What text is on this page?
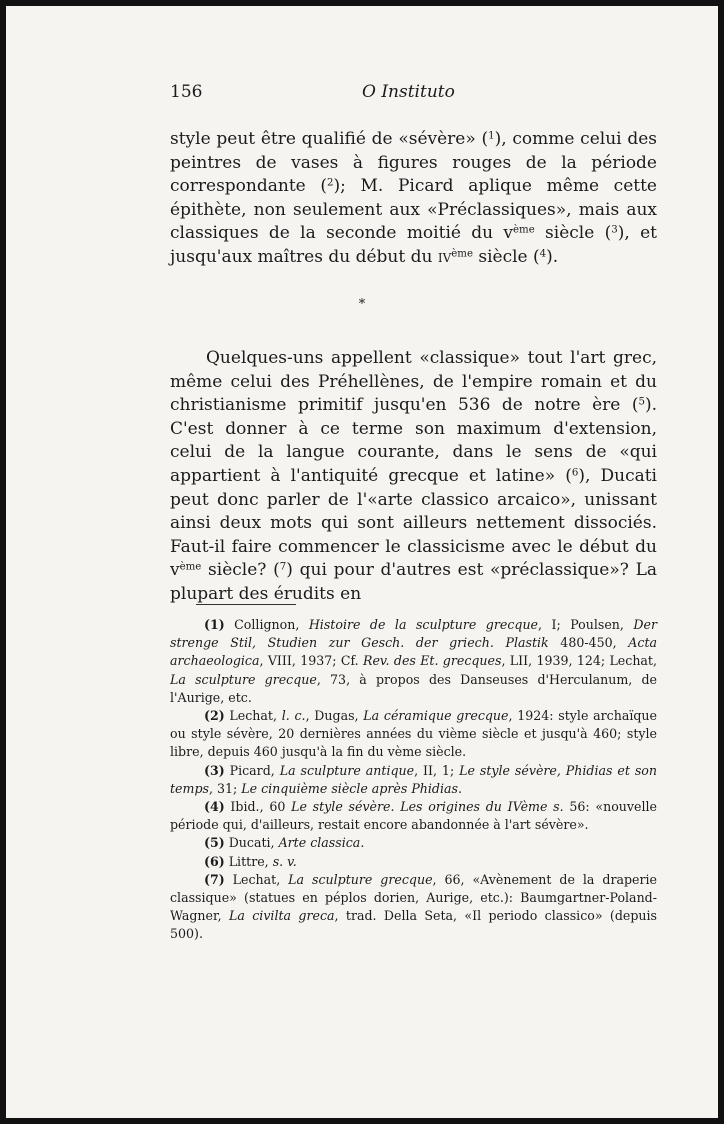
156	O Instituto

style peut être qualifié de «sévère» ($^1$), comme celui des peintres de vases à figures rouges de la période correspondante ($^2$); M. Picard aplique même cette épithète, non seulement aux «Préclassiques», mais aux classiques de la seconde moitié du $v^{ème}$ siècle ($^3$), et jusqu'aux maîtres du début du $iv^{ème}$ siècle ($^4$).

*

Quelques-uns appellent «classique» tout l'art grec, même celui des Préhellènes, de l'empire romain et du christianisme primitif jusqu'en 536 de notre ère ($^5$). C'est donner à ce terme son maximum d'extension, celui de la langue courante, dans le sens de «qui appartient à l'antiquité grecque et latine» ($^6$), Ducati peut donc parler de l'«arte classico arcaico», unissant ainsi deux mots qui sont ailleurs nettement dissociés. Faut-il faire commencer le classicisme avec le début du $v^{ème}$ siècle? ($^7$) qui pour d'autres est «préclassique»? La plupart des érudits en

(1) Collignon, Histoire de la sculpture grecque, I; Poulsen, Der strenge Stil, Studien zur Gesch. der griech. Plastik 480-450, Acta archaeologica, VIII, 1937; Cf. Rev. des Et. grecques, LII, 1939, 124; Lechat, La sculpture grecque, 73, à propos des Danseuses d'Herculanum, de l'Aurige, etc.

(2) Lechat, l. c., Dugas, La céramique grecque, 1924: style archaïque ou style sévère, 20 dernières années du vième siècle et jusqu'à 460; style libre, depuis 460 jusqu'à la fin du vème siècle.

(3) Picard, La sculpture antique, II, 1; Le style sévère, Phidias et son temps, 31; Le cinquième siècle après Phidias.

(4) Ibid., 60 Le style sévère. Les origines du IVème s. 56: «nouvelle période qui, d'ailleurs, restait encore abandonnée à l'art sévère».

(5) Ducati, Arte classica.

(6) Littre, s. v.

(7) Lechat, La sculpture grecque, 66, «Avènement de la draperie classique» (statues en péplos dorien, Aurige, etc.): Baumgartner-Poland-Wagner, La civilta greca, trad. Della Seta, «Il periodo classico» (depuis 500).
